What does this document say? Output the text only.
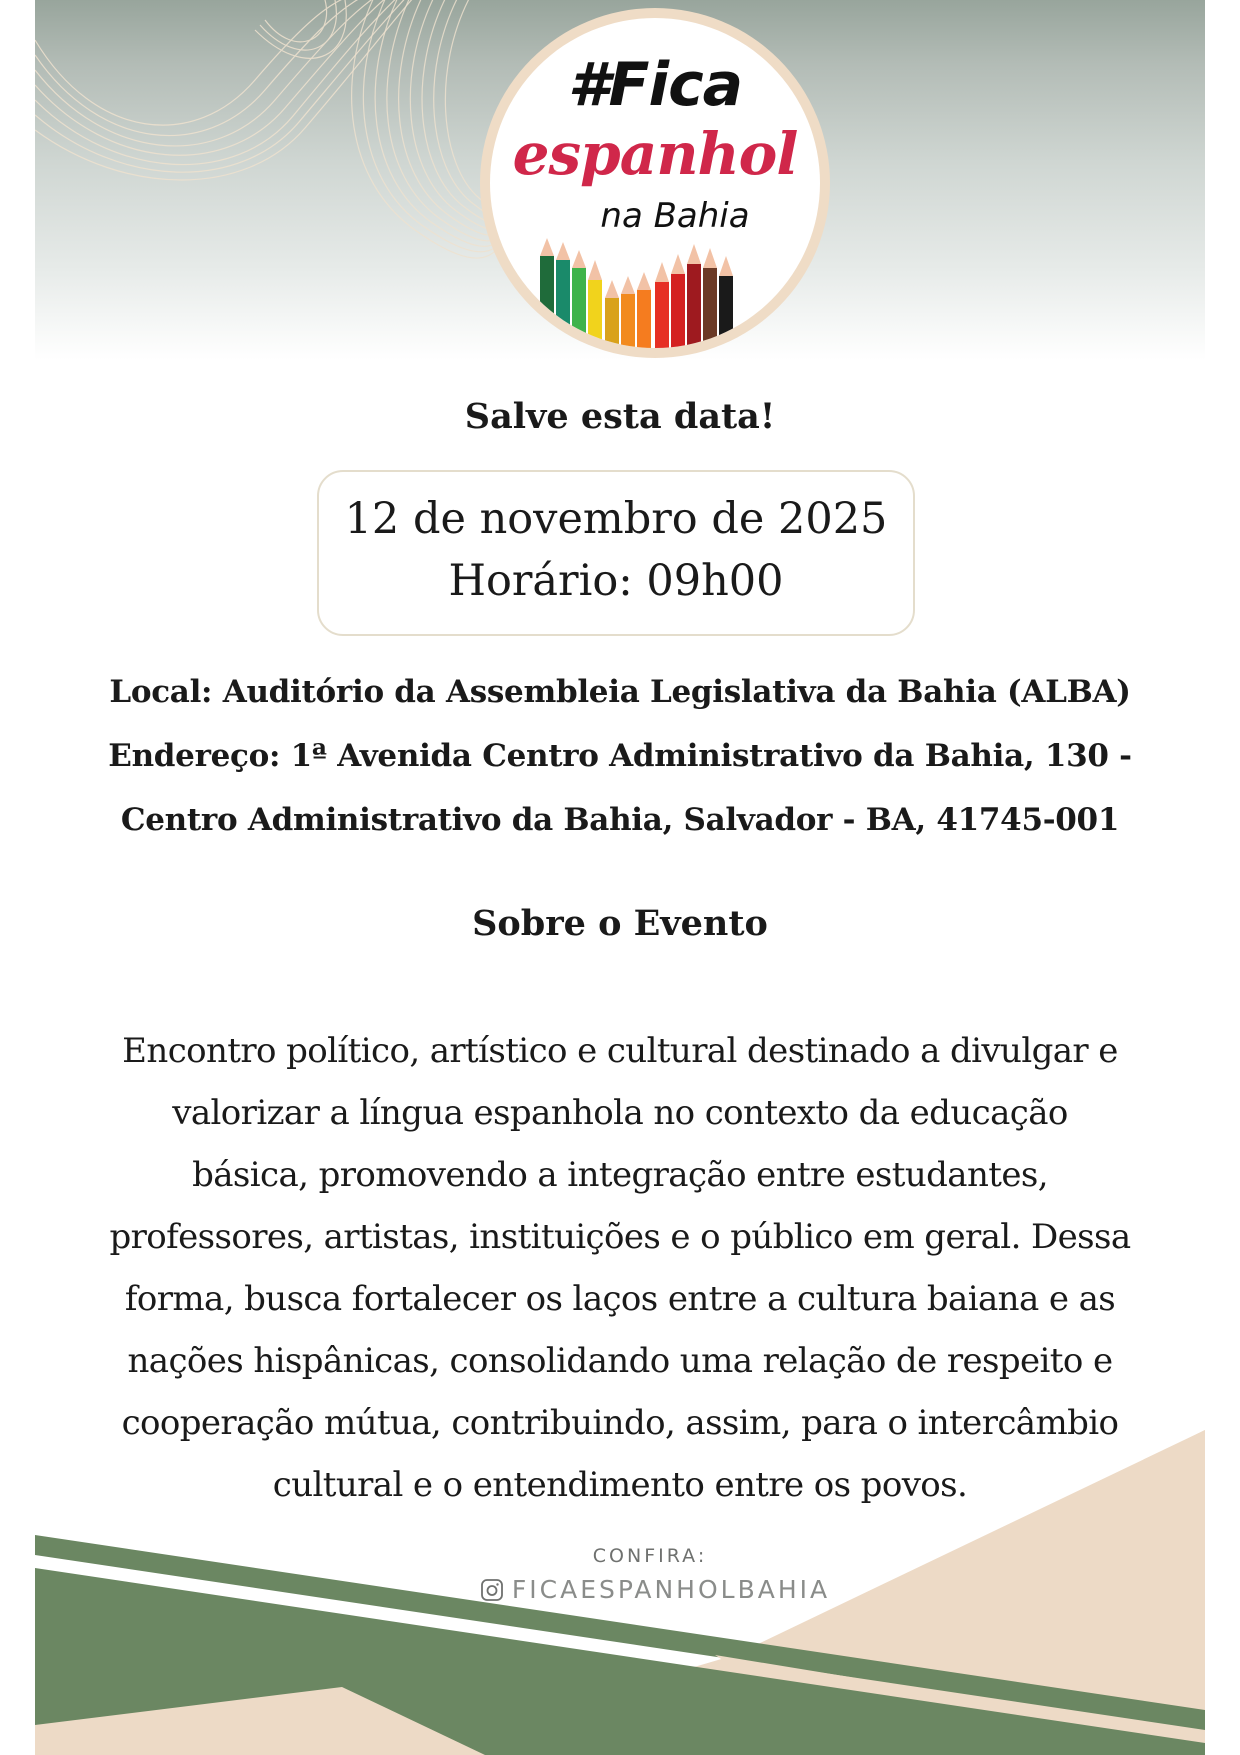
#Fica
espanhol
na Bahia
Salve esta data!
12 de novembro de 2025
Horário: 09h00
Local: Auditório da Assembleia Legislativa da Bahia (ALBA)
Endereço: 1ª Avenida Centro Administrativo da Bahia, 130 -
Centro Administrativo da Bahia, Salvador - BA, 41745-001
Sobre o Evento
Encontro político, artístico e cultural destinado a divulgar e
valorizar a língua espanhola no contexto da educação
básica, promovendo a integração entre estudantes,
professores, artistas, instituições e o público em geral. Dessa
forma, busca fortalecer os laços entre a cultura baiana e as
nações hispânicas, consolidando uma relação de respeito e
cooperação mútua, contribuindo, assim, para o intercâmbio
cultural e o entendimento entre os povos.
CONFIRA:
FICAESPANHOLBAHIA
